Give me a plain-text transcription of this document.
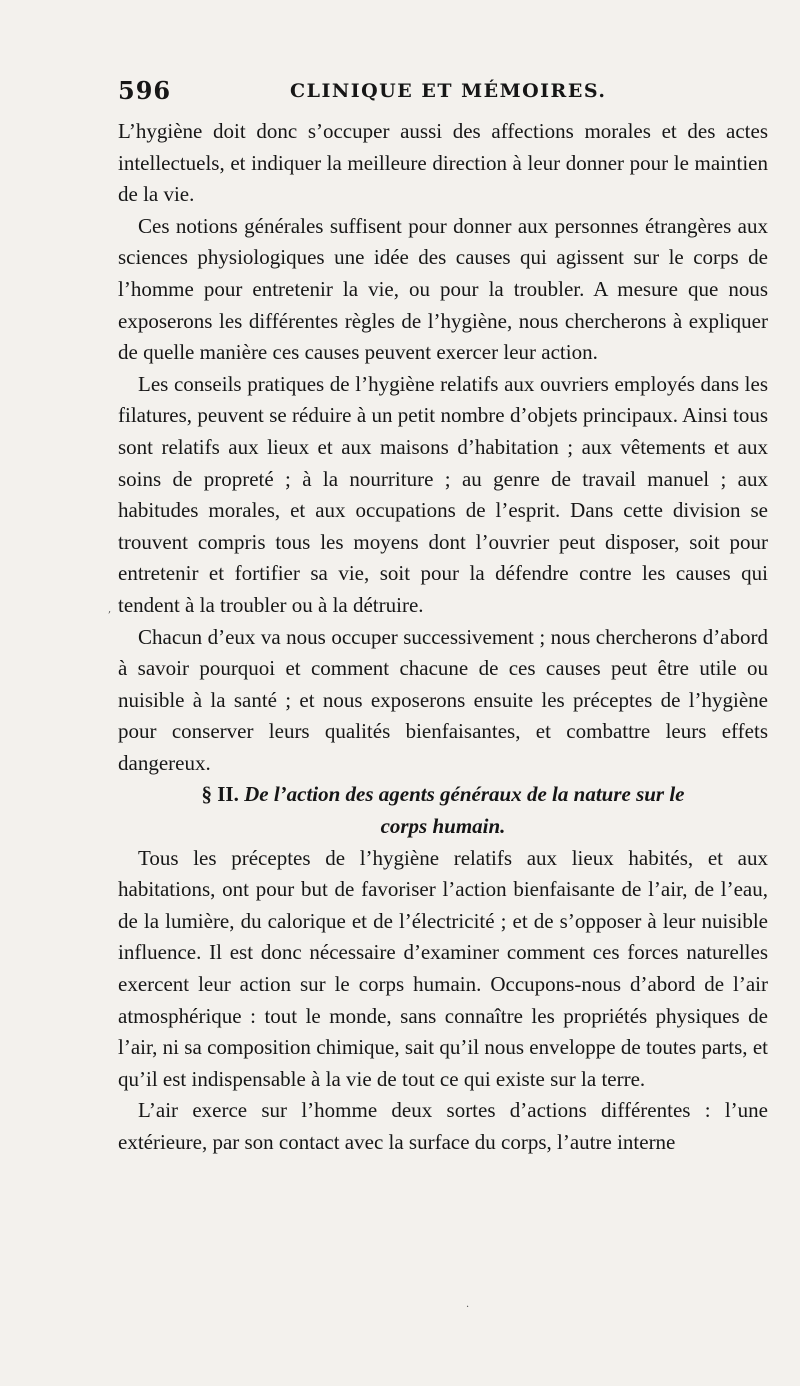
596	CLINIQUE ET MÉMOIRES.

L’hygiène doit donc s’occuper aussi des affections morales et des actes intellectuels, et indiquer la meilleure direction à leur donner pour le maintien de la vie.

Ces notions générales suffisent pour donner aux personnes étrangères aux sciences physiologiques une idée des causes qui agissent sur le corps de l’homme pour entretenir la vie, ou pour la troubler. A mesure que nous exposerons les différentes règles de l’hygiène, nous chercherons à expliquer de quelle manière ces causes peuvent exercer leur action.

Les conseils pratiques de l’hygiène relatifs aux ouvriers employés dans les filatures, peuvent se réduire à un petit nombre d’objets principaux. Ainsi tous sont relatifs aux lieux et aux maisons d’habitation ; aux vêtements et aux soins de propreté ; à la nourriture ; au genre de travail manuel ; aux habitudes morales, et aux occupations de l’esprit. Dans cette division se trouvent compris tous les moyens dont l’ouvrier peut disposer, soit pour entretenir et fortifier sa vie, soit pour la défendre contre les causes qui tendent à la troubler ou à la détruire.

Chacun d’eux va nous occuper successivement ; nous chercherons d’abord à savoir pourquoi et comment chacune de ces causes peut être utile ou nuisible à la santé ; et nous exposerons ensuite les préceptes de l’hygiène pour conserver leurs qualités bienfaisantes, et combattre leurs effets dangereux.

§ II. De l’action des agents généraux de la nature sur le
corps humain.

Tous les préceptes de l’hygiène relatifs aux lieux habités, et aux habitations, ont pour but de favoriser l’action bienfaisante de l’air, de l’eau, de la lumière, du calorique et de l’électricité ; et de s’opposer à leur nuisible influence. Il est donc nécessaire d’examiner comment ces forces naturelles exercent leur action sur le corps humain. Occupons-nous d’abord de l’air atmosphérique : tout le monde, sans connaître les propriétés physiques de l’air, ni sa composition chimique, sait qu’il nous enveloppe de toutes parts, et qu’il est indispensable à la vie de tout ce qui existe sur la terre.

L’air exerce sur l’homme deux sortes d’actions différentes : l’une extérieure, par son contact avec la surface du corps, l’autre interne

,
·
